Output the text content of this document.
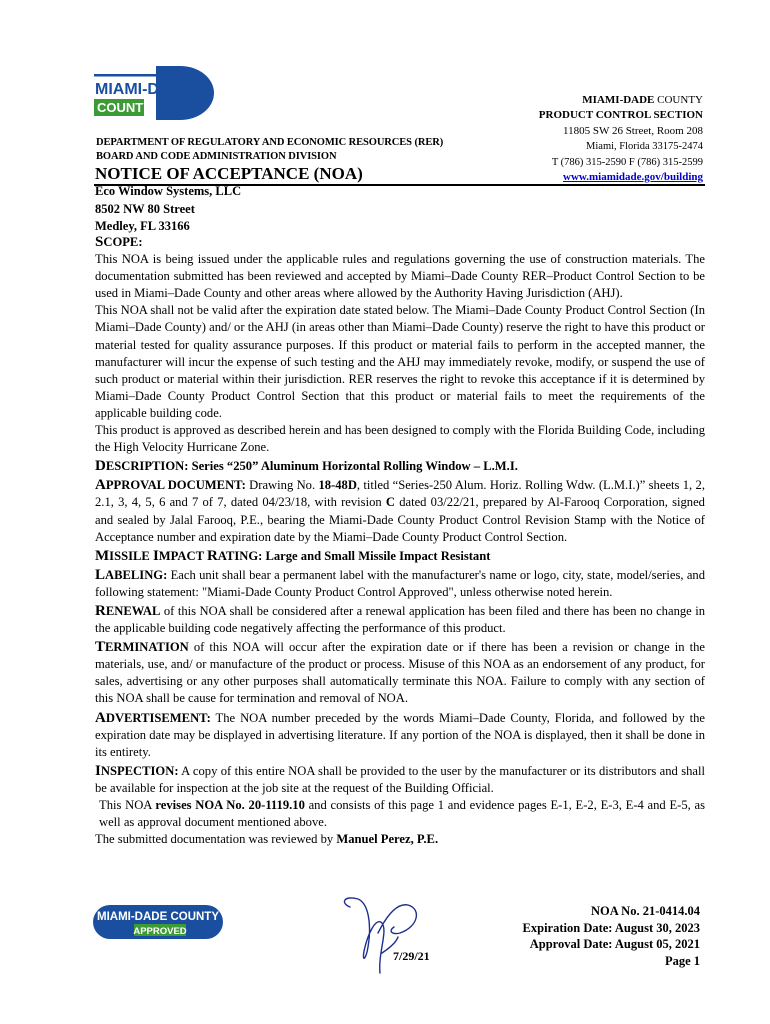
MIAMI-DADE
COUNTY	MIAMI-DADE COUNTY
PRODUCT CONTROL SECTION
11805 SW 26 Street, Room 208
Miami, Florida 33175-2474
T (786) 315-2590 F (786) 315-2599
www.miamidade.gov/building
DEPARTMENT OF REGULATORY AND ECONOMIC RESOURCES (RER)
BOARD AND CODE ADMINISTRATION DIVISION
NOTICE OF ACCEPTANCE (NOA)
Eco Window Systems, LLC
8502 NW 80 Street
Medley, FL 33166

SCOPE:

This NOA is being issued under the applicable rules and regulations governing the use of construction materials. The documentation submitted has been reviewed and accepted by Miami–Dade County RER–Product Control Section to be used in Miami–Dade County and other areas where allowed by the Authority Having Jurisdiction (AHJ).

This NOA shall not be valid after the expiration date stated below. The Miami–Dade County Product Control Section (In Miami–Dade County) and/ or the AHJ (in areas other than Miami–Dade County) reserve the right to have this product or material tested for quality assurance purposes. If this product or material fails to perform in the accepted manner, the manufacturer will incur the expense of such testing and the AHJ may immediately revoke, modify, or suspend the use of such product or material within their jurisdiction. RER reserves the right to revoke this acceptance if it is determined by Miami–Dade County Product Control Section that this product or material fails to meet the requirements of the applicable building code.

This product is approved as described herein and has been designed to comply with the Florida Building Code, including the High Velocity Hurricane Zone.

DESCRIPTION: Series “250” Aluminum Horizontal Rolling Window – L.M.I.

APPROVAL DOCUMENT: Drawing No. 18-48D, titled “Series-250 Alum. Horiz. Rolling Wdw. (L.M.I.)” sheets 1, 2, 2.1, 3, 4, 5, 6 and 7 of 7, dated 04/23/18, with revision C dated 03/22/21, prepared by Al-Farooq Corporation, signed and sealed by Jalal Farooq, P.E., bearing the Miami-Dade County Product Control Revision Stamp with the Notice of Acceptance number and expiration date by the Miami–Dade County Product Control Section.

MISSILE IMPACT RATING: Large and Small Missile Impact Resistant

LABELING: Each unit shall bear a permanent label with the manufacturer's name or logo, city, state, model/series, and following statement: "Miami-Dade County Product Control Approved", unless otherwise noted herein.

RENEWAL of this NOA shall be considered after a renewal application has been filed and there has been no change in the applicable building code negatively affecting the performance of this product.

TERMINATION of this NOA will occur after the expiration date or if there has been a revision or change in the materials, use, and/ or manufacture of the product or process. Misuse of this NOA as an endorsement of any product, for sales, advertising or any other purposes shall automatically terminate this NOA. Failure to comply with any section of this NOA shall be cause for termination and removal of NOA.

ADVERTISEMENT: The NOA number preceded by the words Miami–Dade County, Florida, and followed by the expiration date may be displayed in advertising literature. If any portion of the NOA is displayed, then it shall be done in its entirety.

INSPECTION: A copy of this entire NOA shall be provided to the user by the manufacturer or its distributors and shall be available for inspection at the job site at the request of the Building Official.

This NOA revises NOA No. 20-1119.10 and consists of this page 1 and evidence pages E-1, E-2, E-3, E-4 and E-5, as well as approval document mentioned above.

The submitted documentation was reviewed by Manuel Perez, P.E.

MIAMI-DADE COUNTY
APPROVED
7/29/21
NOA No. 21-0414.04
Expiration Date: August 30, 2023
Approval Date: August 05, 2021
Page 1
